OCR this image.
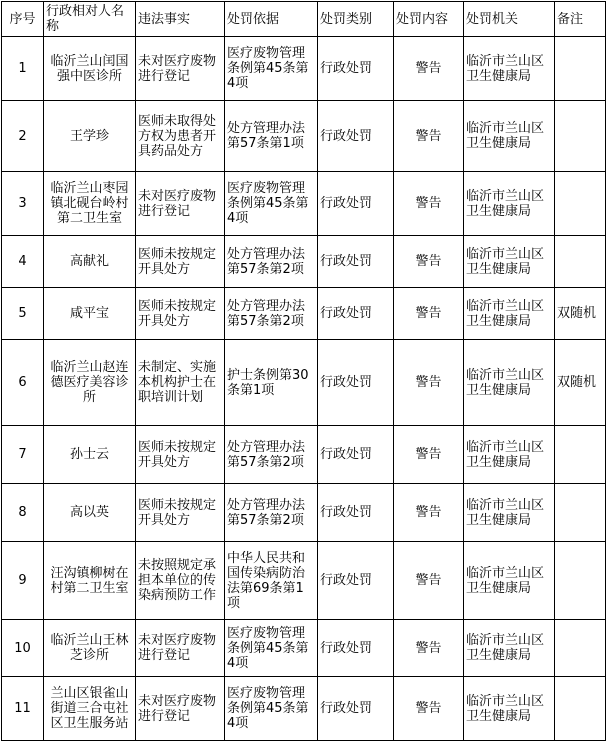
序号	行政相对人名称	违法事实	处罚依据	处罚类别	处罚内容	处罚机关	备注
1	临沂兰山闰国强中医诊所	未对医疗废物进行登记	医疗废物管理条例第45条第4项	行政处罚	警告	临沂市兰山区卫生健康局	
2	王学珍	医师未取得处方权为患者开具药品处方	处方管理办法第57条第1项	行政处罚	警告	临沂市兰山区卫生健康局	
3	临沂兰山枣园镇北砚台岭村第二卫生室	未对医疗废物进行登记	医疗废物管理条例第45条第4项	行政处罚	警告	临沂市兰山区卫生健康局	
4	高献礼	医师未按规定开具处方	处方管理办法第57条第2项	行政处罚	警告	临沂市兰山区卫生健康局	
5	咸平宝	医师未按规定开具处方	处方管理办法第57条第2项	行政处罚	警告	临沂市兰山区卫生健康局	双随机
6	临沂兰山赵连德医疗美容诊所	未制定、实施本机构护士在职培训计划	护士条例第30条第1项	行政处罚	警告	临沂市兰山区卫生健康局	双随机
7	孙士云	医师未按规定开具处方	处方管理办法第57条第2项	行政处罚	警告	临沂市兰山区卫生健康局	
8	高以英	医师未按规定开具处方	处方管理办法第57条第2项	行政处罚	警告	临沂市兰山区卫生健康局	
9	汪沟镇柳树在村第二卫生室	未按照规定承担本单位的传染病预防工作	中华人民共和国传染病防治法第69条第1项	行政处罚	警告	临沂市兰山区卫生健康局	
10	临沂兰山王林芝诊所	未对医疗废物进行登记	医疗废物管理条例第45条第4项	行政处罚	警告	临沂市兰山区卫生健康局	
11	兰山区银雀山街道三合屯社区卫生服务站	未对医疗废物进行登记	医疗废物管理条例第45条第4项	行政处罚	警告	临沂市兰山区卫生健康局	
